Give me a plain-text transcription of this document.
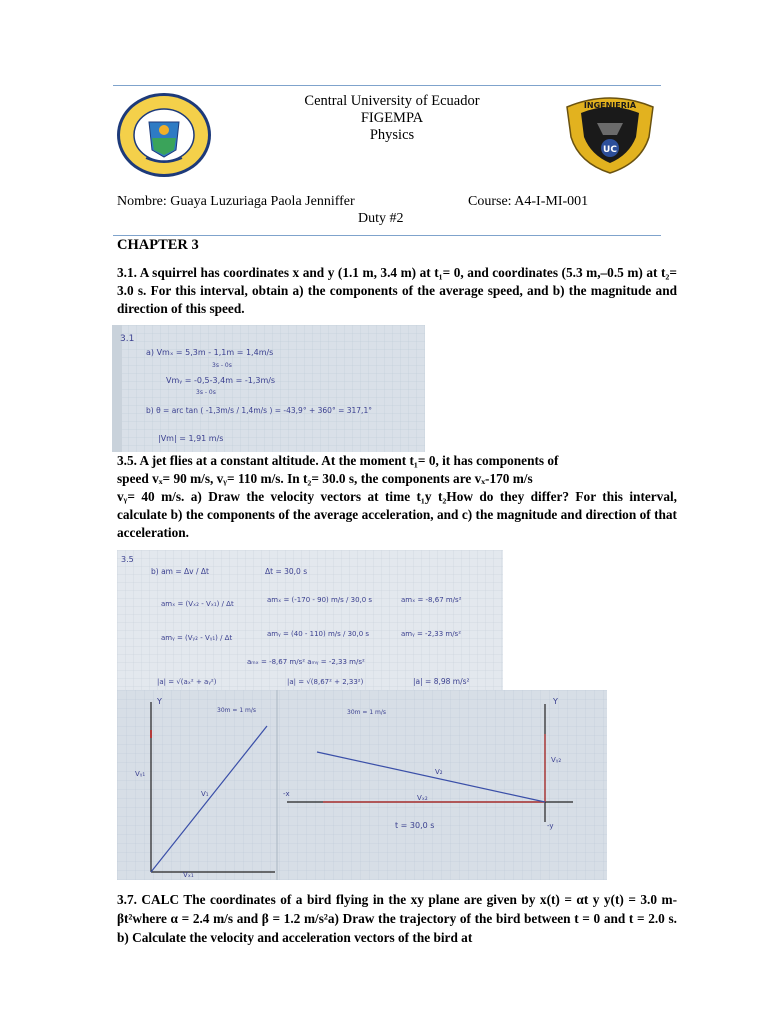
INGENIERIA
UC
Central University of Ecuador
FIGEMPA
Physics
Nombre: Guaya Luzuriaga Paola Jenniffer	Course: A4-I-MI-001
Duty #2
CHAPTER 3
3.1. A squirrel has coordinates x and y (1.1 m, 3.4 m) at t₁= 0, and coordinates (5.3 m,–0.5 m) at t₂= 3.0 s. For this interval, obtain a) the components of the average speed, and b) the magnitude and direction of this speed.
3.1
a) Vmₓ = 5,3m - 1,1m = 1,4m/s
3s - 0s
Vmᵧ = -0,5-3,4m = -1,3m/s
3s - 0s
b) θ = arc tan ( -1,3m/s / 1,4m/s ) = -43,9° + 360° = 317,1°
|Vm| = 1,91 m/s
3.5. A jet flies at a constant altitude. At the moment t₁= 0, it has components of
speed vₓ= 90 m/s, vᵧ= 110 m/s. In t₂= 30.0 s, the components are vₓ-170 m/s
vᵧ= 40 m/s. a) Draw the velocity vectors at time t₁y t₂How do they differ? For this interval, calculate b) the components of the average acceleration, and c) the magnitude and direction of that acceleration.
3.5
b) am = Δv / Δt	Δt = 30,0 s
amₓ = (Vₓ₂ - Vₓ₁) / Δt	amₓ = (-170 - 90) m/s / 30,0 s	amₓ = -8,67 m/s²
amᵧ = (Vᵧ₂ - Vᵧ₁) / Δt	amᵧ = (40 - 110) m/s / 30,0 s	amᵧ = -2,33 m/s²
aₘₓ = -8,67 m/s² aₘᵧ = -2,33 m/s²
|a| = √(aₓ² + aᵧ²)	|a| = √(8,67² + 2,33²)	|a| = 8,98 m/s²
Y
Vᵧ₁
V₁
Vₓ₁
30m = 1 m/s
Y
30m = 1 m/s
V₂
Vᵧ₂
Vₓ₂
-x
-y
t = 30,0 s
3.7. CALC The coordinates of a bird flying in the xy plane are given by x(t) = αt y y(t) = 3.0 m-βt²where α = 2.4 m/s and β = 1.2 m/s²a) Draw the trajectory of the bird between t = 0 and t = 2.0 s. b) Calculate the velocity and acceleration vectors of the bird at
